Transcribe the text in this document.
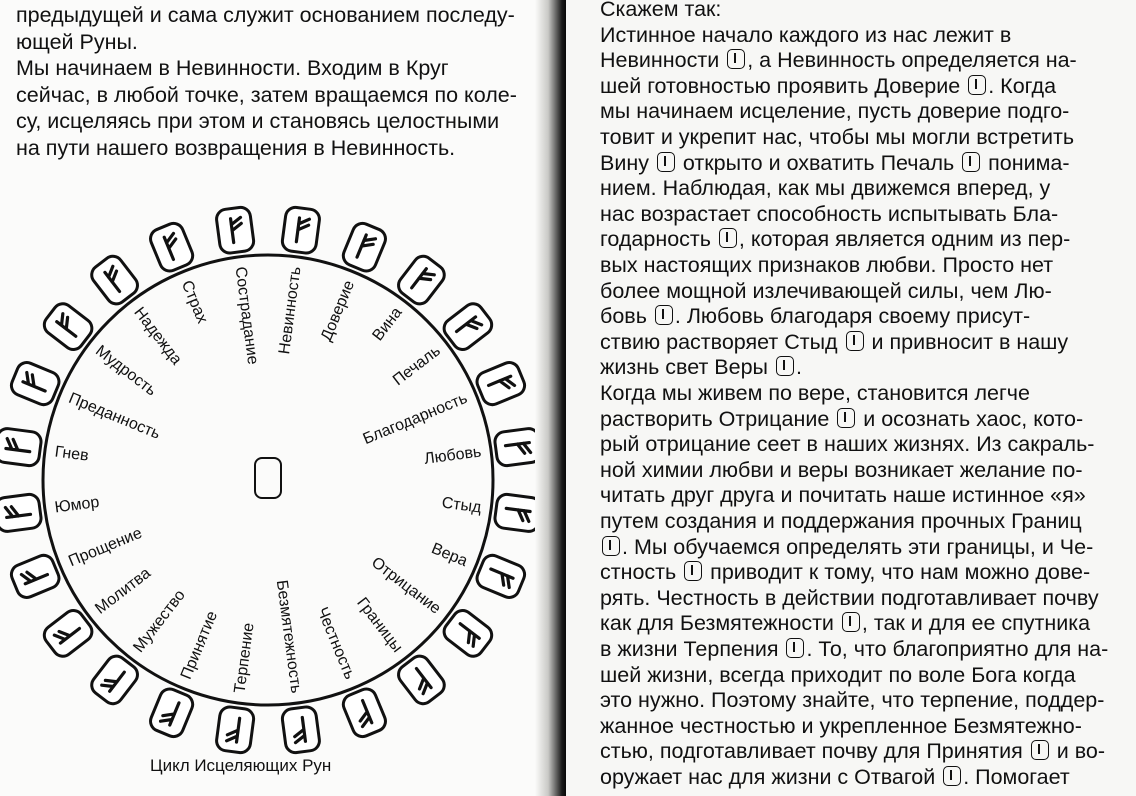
предыдущей и сама служит основанием последу-

ющей Руны.

Мы начинаем в Невинности. Входим в Круг

сейчас, в любой точке, затем вращаемся по коле-

су, исцеляясь при этом и становясь целостными

на пути нашего возвращения в Невинность.

Невинность Доверие Вина
Печаль
Благодарность
Любовь
Стыд
Вера
Отрицание
Границы
Честность
Безмятежность
Терпение
Принятие
Мужество
Молитва
Прощение
Юмор
Гнев
Преданность
Мудрость
Надежда
Страх Сострадание
Цикл Исцеляющих Рун

Скажем так:

Истинное начало каждого из нас лежит в

Невинности , а Невинность определяется на-

шей готовностью проявить Доверие . Когда

мы начинаем исцеление, пусть доверие подго-

товит и укрепит нас, чтобы мы могли встретить

Вину  открыто и охватить Печаль  понима-

нием. Наблюдая, как мы движемся вперед, у

нас возрастает способность испытывать Бла-

годарность , которая является одним из пер-

вых настоящих признаков любви. Просто нет

более мощной излечивающей силы, чем Лю-

бовь . Любовь благодаря своему присут-

ствию растворяет Стыд  и привносит в нашу

жизнь свет Веры .

Когда мы живем по вере, становится легче

растворить Отрицание  и осознать хаос, кото-

рый отрицание сеет в наших жизнях. Из сакраль-

ной химии любви и веры возникает желание по-

читать друг друга и почитать наше истинное «я»

путем создания и поддержания прочных Границ

. Мы обучаемся определять эти границы, и Че-

стность  приводит к тому, что нам можно дове-

рять. Честность в действии подготавливает почву

как для Безмятежности , так и для ее спутника

в жизни Терпения . То, что благоприятно для на-

шей жизни, всегда приходит по воле Бога когда

это нужно. Поэтому знайте, что терпение, поддер-

жанное честностью и укрепленное Безмятежно-

стью, подготавливает почву для Принятия  и во-

оружает нас для жизни с Отвагой . Помогает
